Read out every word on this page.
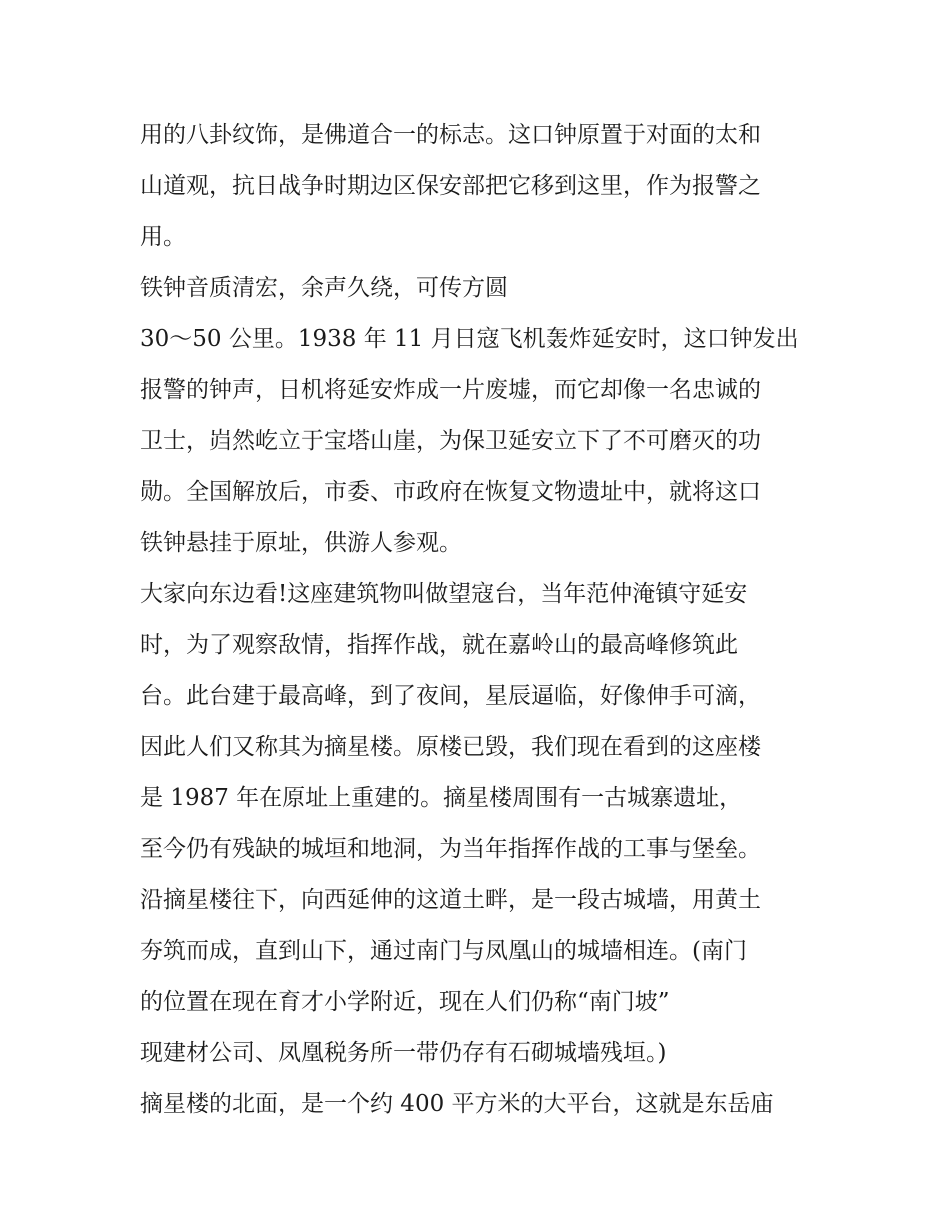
用的八卦纹饰，是佛道合一的标志。这口钟原置于对面的太和
山道观，抗日战争时期边区保安部把它移到这里，作为报警之
用。
铁钟音质清宏，余声久绕，可传方圆
30～50 公里。1938 年 11 月日寇飞机轰炸延安时，这口钟发出
报警的钟声，日机将延安炸成一片废墟，而它却像一名忠诚的
卫士，岿然屹立于宝塔山崖，为保卫延安立下了不可磨灭的功
勋。全国解放后，市委、市政府在恢复文物遗址中，就将这口
铁钟悬挂于原址，供游人参观。
大家向东边看!这座建筑物叫做望寇台，当年范仲淹镇守延安
时，为了观察敌情，指挥作战，就在嘉岭山的最高峰修筑此
台。此台建于最高峰，到了夜间，星辰逼临，好像伸手可滴，
因此人们又称其为摘星楼。原楼已毁，我们现在看到的这座楼
是 1987 年在原址上重建的。摘星楼周围有一古城寨遗址，
至今仍有残缺的城垣和地洞，为当年指挥作战的工事与堡垒。
沿摘星楼往下，向西延伸的这道土畔，是一段古城墙，用黄土
夯筑而成，直到山下，通过南门与凤凰山的城墙相连。(南门
的位置在现在育才小学附近，现在人们仍称“南门坡”
现建材公司、凤凰税务所一带仍存有石砌城墙残垣。)
摘星楼的北面，是一个约 400 平方米的大平台，这就是东岳庙
